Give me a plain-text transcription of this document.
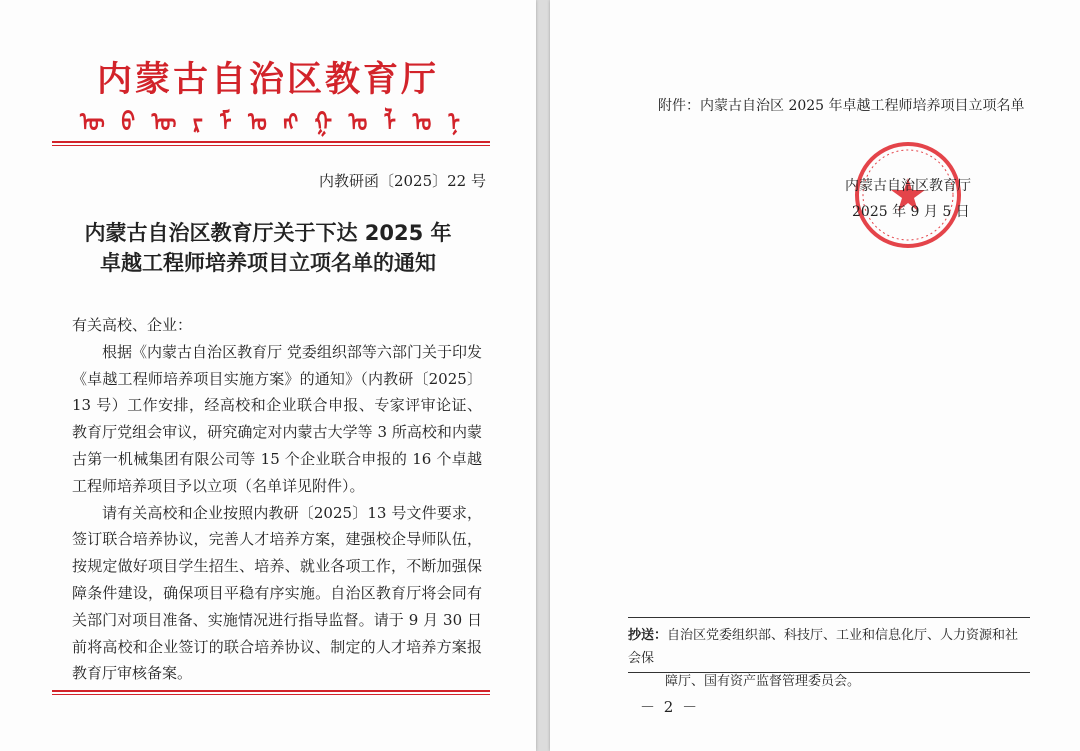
内蒙古自治区教育厅
ᠥ ᠪ ᠦ ᠷ ᠮ ᠣ ᠩ ᠭ ᠣ ᠯ ᠤ ᠨ
内教研函〔2025〕22 号
内蒙古自治区教育厅关于下达 2025 年
卓越工程师培养项目立项名单的通知

有关高校、企业：

根据《内蒙古自治区教育厅 党委组织部等六部门关于印发《卓越工程师培养项目实施方案》的通知》（内教研〔2025〕13 号）工作安排，经高校和企业联合申报、专家评审论证、教育厅党组会审议，研究确定对内蒙古大学等 3 所高校和内蒙古第一机械集团有限公司等 15 个企业联合申报的 16 个卓越工程师培养项目予以立项（名单详见附件）。

请有关高校和企业按照内教研〔2025〕13 号文件要求，签订联合培养协议，完善人才培养方案，建强校企导师队伍，按规定做好项目学生招生、培养、就业各项工作，不断加强保障条件建设，确保项目平稳有序实施。自治区教育厅将会同有关部门对项目准备、实施情况进行指导监督。请于 9 月 30 日前将高校和企业签订的联合培养协议、制定的人才培养方案报教育厅审核备案。

附件：内蒙古自治区 2025 年卓越工程师培养项目立项名单
内蒙古自治区教育厅
2025 年 9 月 5 日
抄送：自治区党委组织部、科技厅、工业和信息化厅、人力资源和社会保
障厅、国有资产监督管理委员会。
－ 2 －
